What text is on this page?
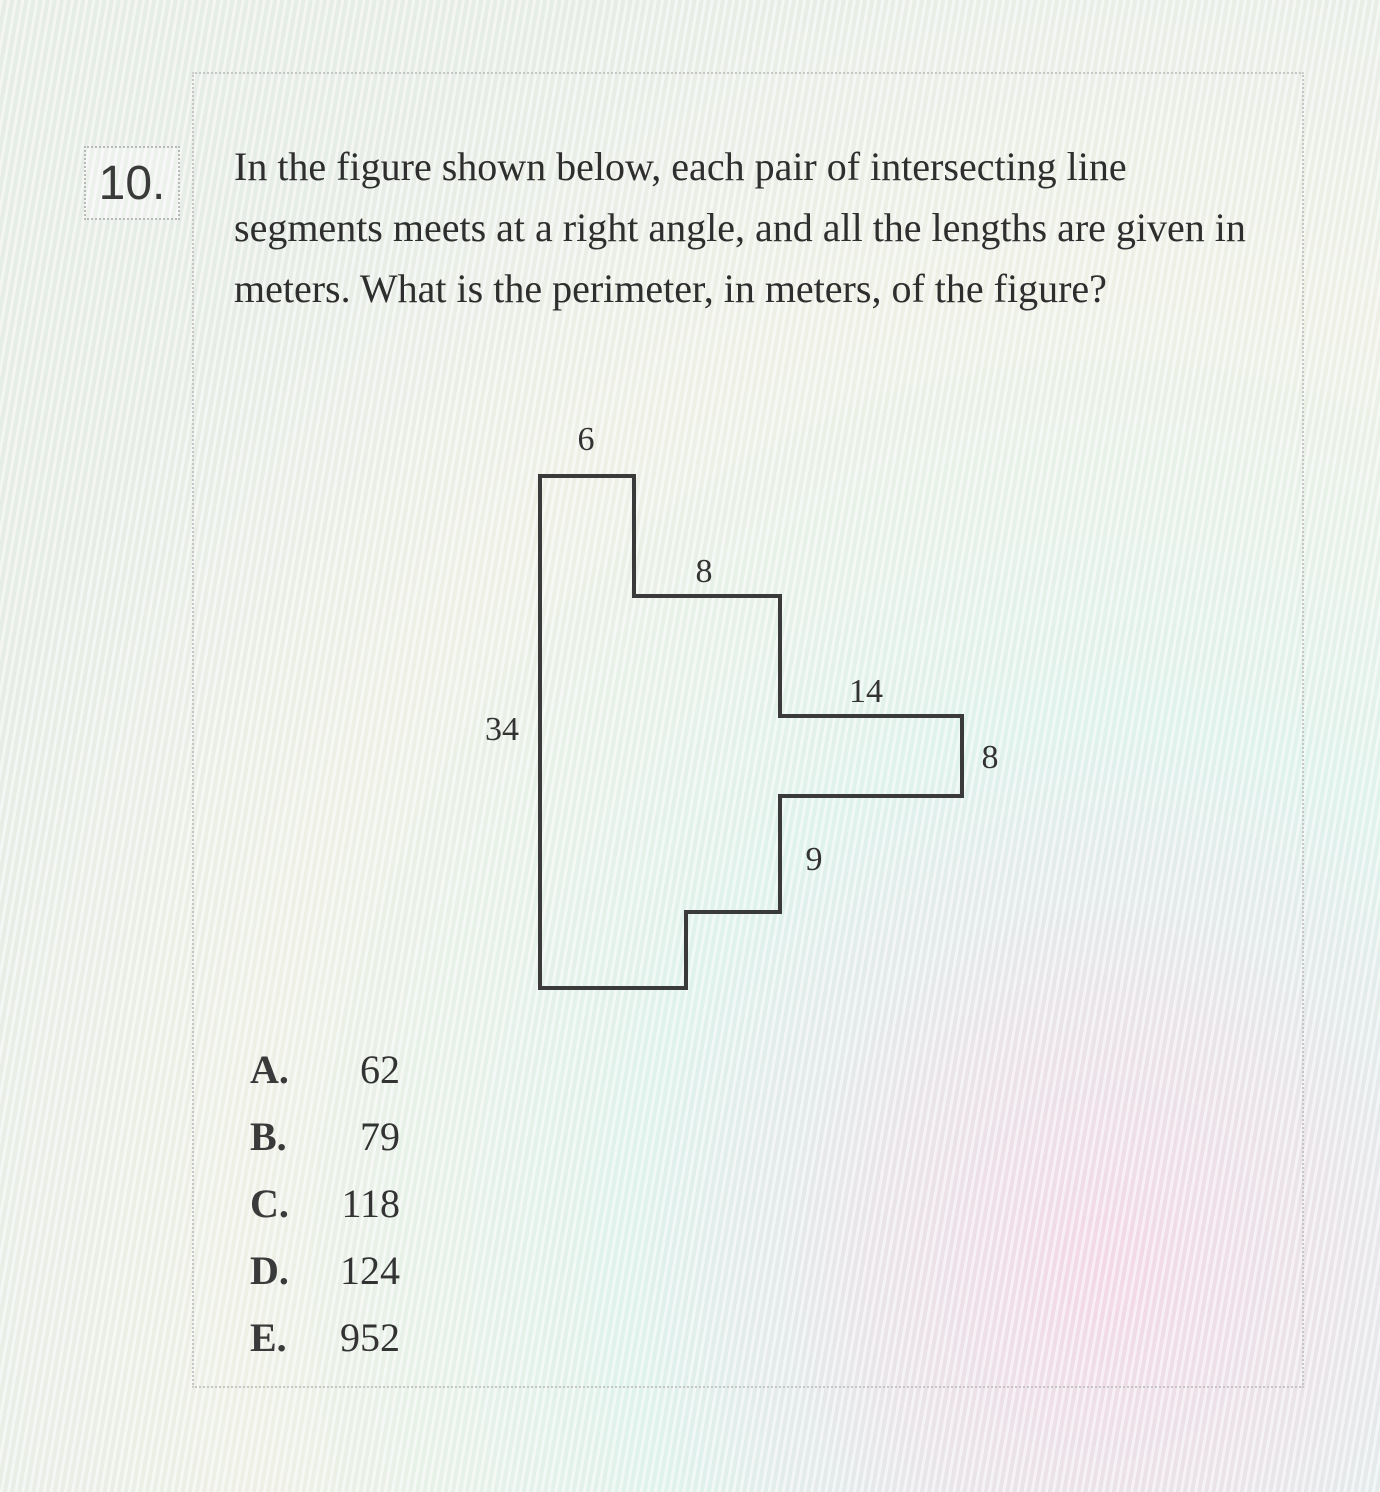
10.	In the figure shown below, each pair of intersecting line segments meets at a right angle, and all the lengths are given in meters. What is the perimeter, in meters, of the figure?
6
8
14
8
9
34
A. 62
B. 79
C. 118
D. 124
E. 952
